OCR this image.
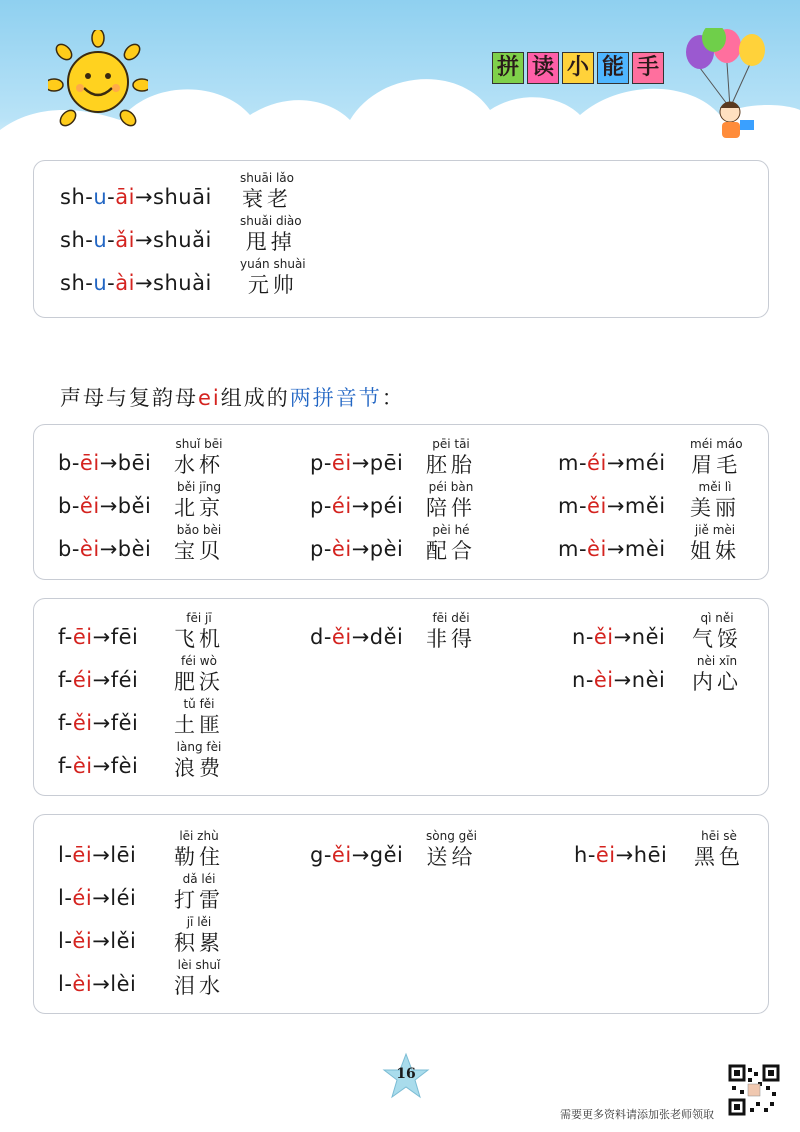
拼 读 小 能 手
sh-u-āi→shuāi
shuāi lǎo
衰老
sh-u-ǎi→shuǎi
shuǎi diào
甩掉
sh-u-ài→shuài
yuán shuài
元帅
声母与复韵母ei组成的两拼音节：
b-ēi→bēi
shuǐ bēi
水杯
b-ěi→běi
běi jīng
北京
b-èi→bèi
bǎo bèi
宝贝
p-ēi→pēi
pēi tāi
胚胎
p-éi→péi
péi bàn
陪伴
p-èi→pèi
pèi hé
配合
m-éi→méi
méi máo
眉毛
m-ěi→měi
měi lì
美丽
m-èi→mèi
jiě mèi
姐妹
f-ēi→fēi
fēi jī
飞机
f-éi→féi
féi wò
肥沃
f-ěi→fěi
tǔ fěi
土匪
f-èi→fèi
làng fèi
浪费
d-ěi→děi
fēi děi
非得	n-ěi→něi
qì něi
气馁
n-èi→nèi
nèi xīn
内心
l-ēi→lēi
lēi zhù
勒住
l-éi→léi
dǎ léi
打雷
l-ěi→lěi
jī lěi
积累
l-èi→lèi
lèi shuǐ
泪水
g-ěi→gěi
sòng gěi
送给	h-ēi→hēi
hēi sè
黑色
16
需要更多资料请添加张老师领取
